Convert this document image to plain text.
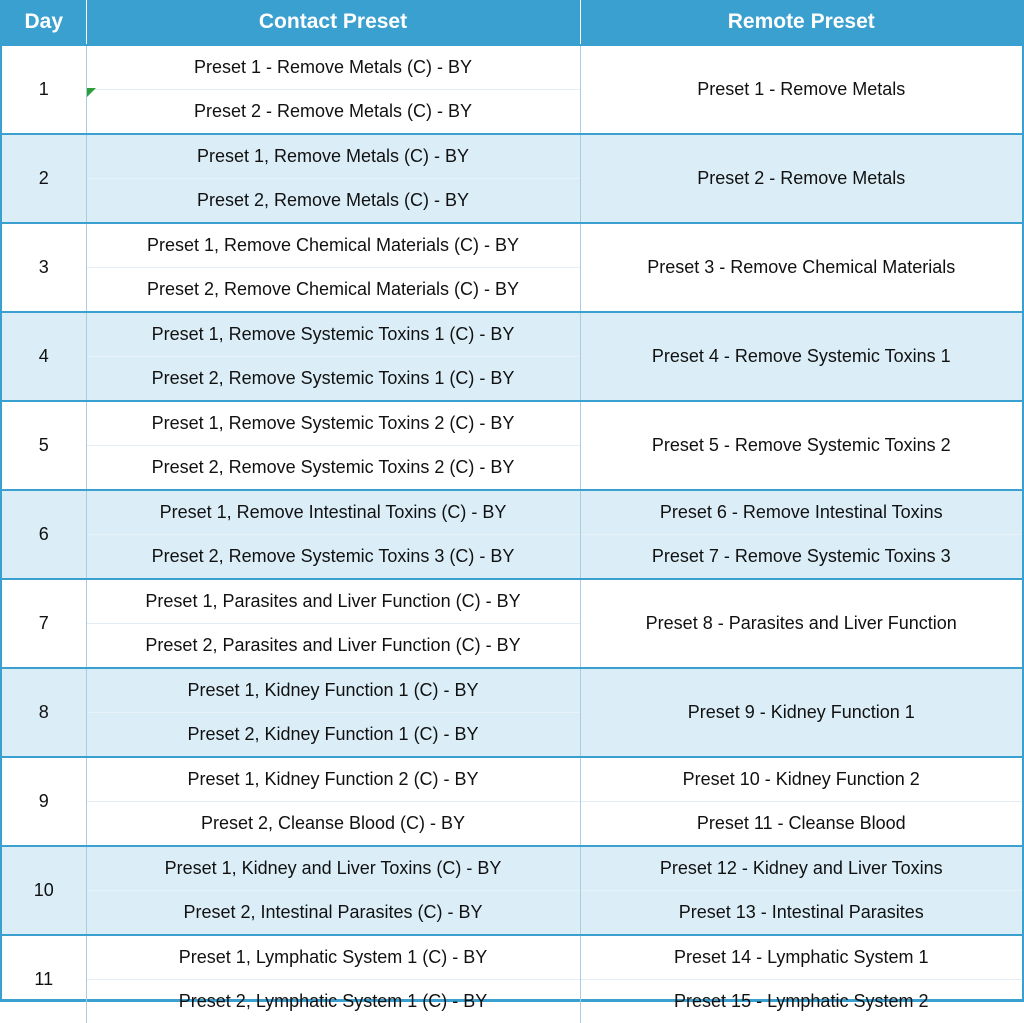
Day	Contact Preset	Remote Preset
1	Preset 1 - Remove Metals (C) - BY	Preset 1 - Remove Metals
	Preset 2 - Remove Metals (C) - BY	
2	Preset 1, Remove Metals (C) - BY	Preset 2 - Remove Metals
	Preset 2, Remove Metals (C) - BY	
3	Preset 1, Remove Chemical Materials (C) - BY	Preset 3 - Remove Chemical Materials
	Preset 2, Remove Chemical Materials (C) - BY	
4	Preset 1, Remove Systemic Toxins 1 (C) - BY	Preset 4 - Remove Systemic Toxins 1
	Preset 2, Remove Systemic Toxins 1 (C) - BY	
5	Preset 1, Remove Systemic Toxins 2 (C) - BY	Preset 5 - Remove Systemic Toxins 2
	Preset 2, Remove Systemic Toxins 2 (C) - BY	
6	Preset 1, Remove Intestinal Toxins (C) - BY	Preset 6 - Remove Intestinal Toxins
	Preset 2, Remove Systemic Toxins 3 (C) - BY	Preset 7 - Remove Systemic Toxins 3
7	Preset 1, Parasites and Liver Function (C) - BY	Preset 8 - Parasites and Liver Function
	Preset 2, Parasites and Liver Function (C) - BY	
8	Preset 1, Kidney Function 1 (C) - BY	Preset 9 - Kidney Function 1
	Preset 2, Kidney Function 1 (C) - BY	
9	Preset 1, Kidney Function 2 (C) - BY	Preset 10 - Kidney Function 2
	Preset 2, Cleanse Blood (C) - BY	Preset 11 - Cleanse Blood
10	Preset 1, Kidney and Liver Toxins (C) - BY	Preset 12 - Kidney and Liver Toxins
	Preset 2, Intestinal Parasites (C) - BY	Preset 13 - Intestinal Parasites
11	Preset 1, Lymphatic System 1 (C) - BY	Preset 14 - Lymphatic System 1
	Preset 2, Lymphatic System 1 (C) - BY	Preset 15 - Lymphatic System 2
